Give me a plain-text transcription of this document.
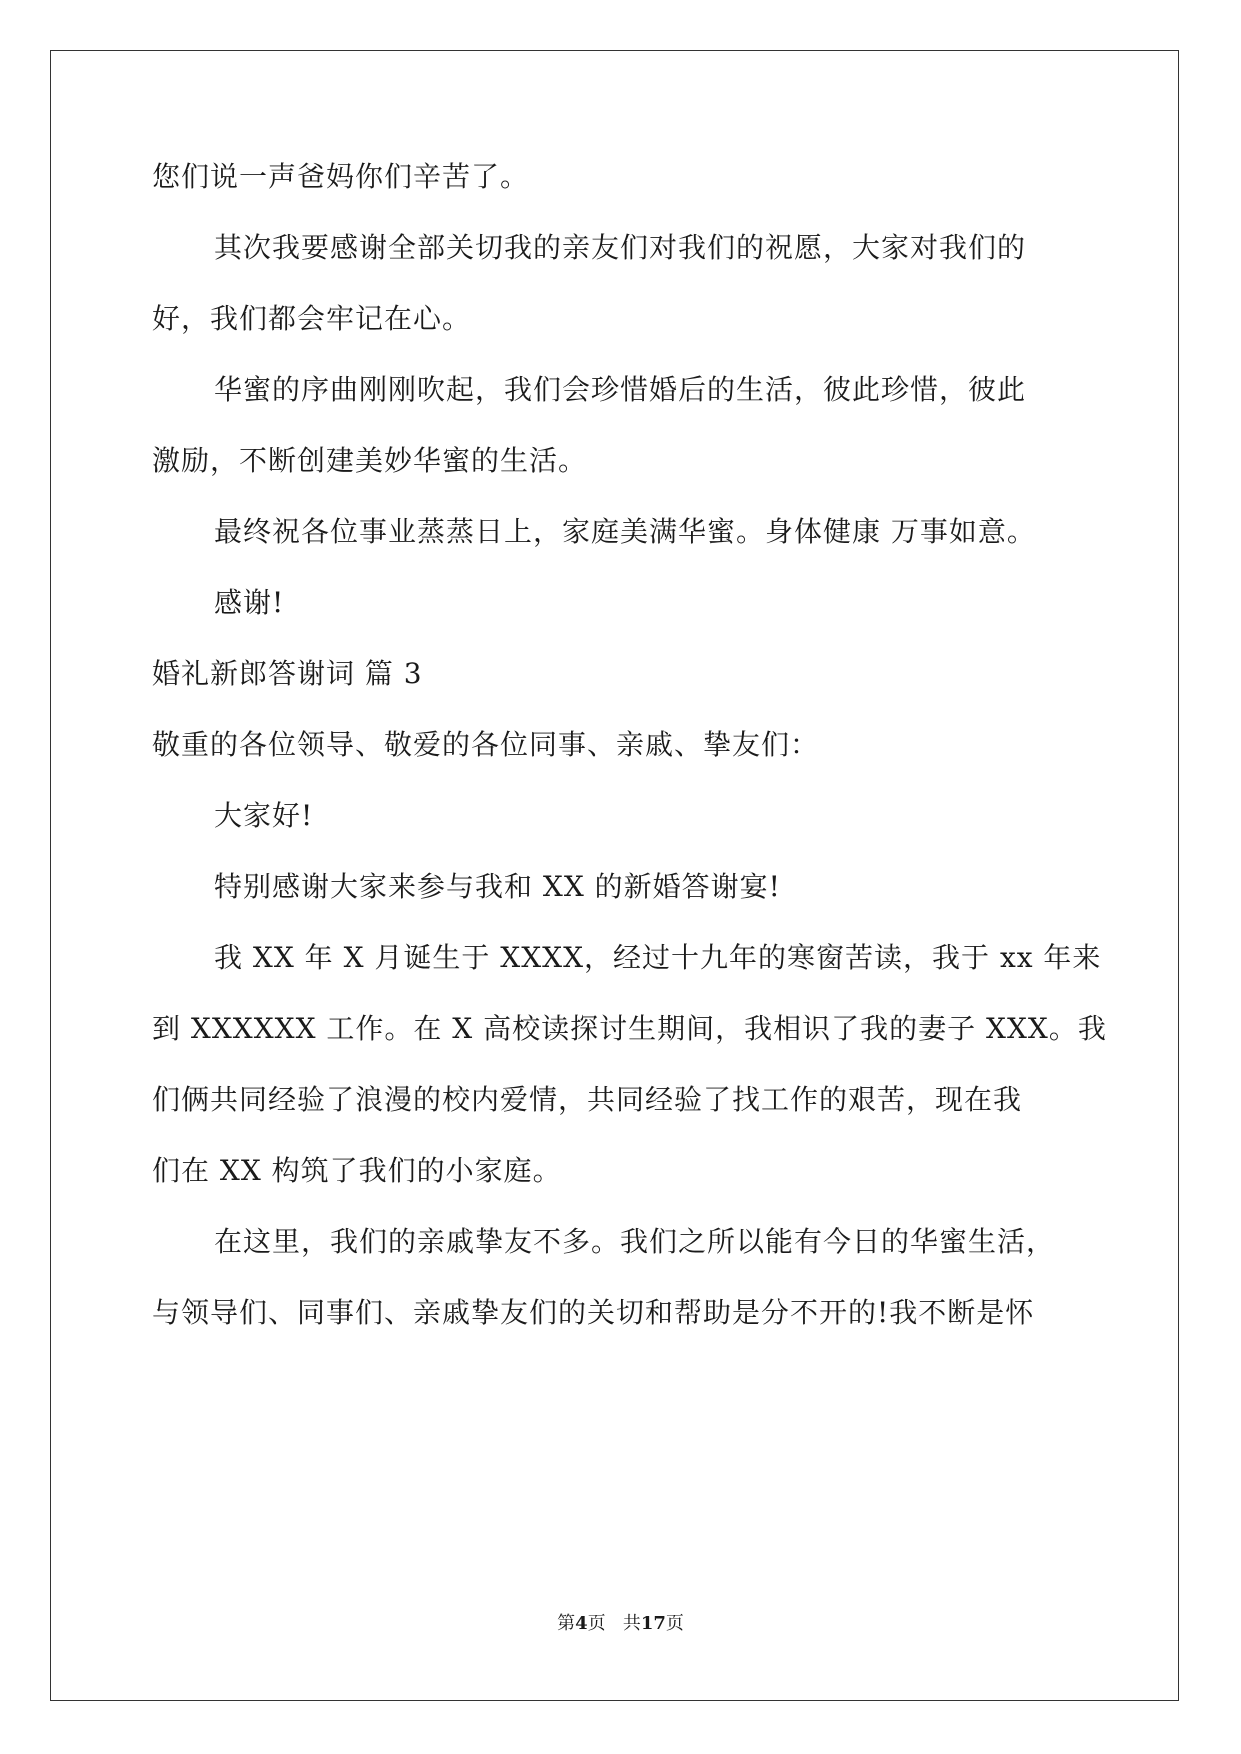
您们说一声爸妈你们辛苦了。
其次我要感谢全部关切我的亲友们对我们的祝愿，大家对我们的
好，我们都会牢记在心。
华蜜的序曲刚刚吹起，我们会珍惜婚后的生活，彼此珍惜，彼此
激励，不断创建美妙华蜜的生活。
最终祝各位事业蒸蒸日上，家庭美满华蜜。身体健康 万事如意。
感谢!
婚礼新郎答谢词 篇 3
敬重的各位领导、敬爱的各位同事、亲戚、挚友们：
大家好!
特别感谢大家来参与我和 XX 的新婚答谢宴!
我 XX 年 X 月诞生于 XXXX，经过十九年的寒窗苦读，我于 xx 年来
到 XXXXXX 工作。在 X 高校读探讨生期间，我相识了我的妻子 XXX。我
们俩共同经验了浪漫的校内爱情，共同经验了找工作的艰苦，现在我
们在 XX 构筑了我们的小家庭。
在这里，我们的亲戚挚友不多。我们之所以能有今日的华蜜生活，
与领导们、同事们、亲戚挚友们的关切和帮助是分不开的!我不断是怀
第4页 共17页
